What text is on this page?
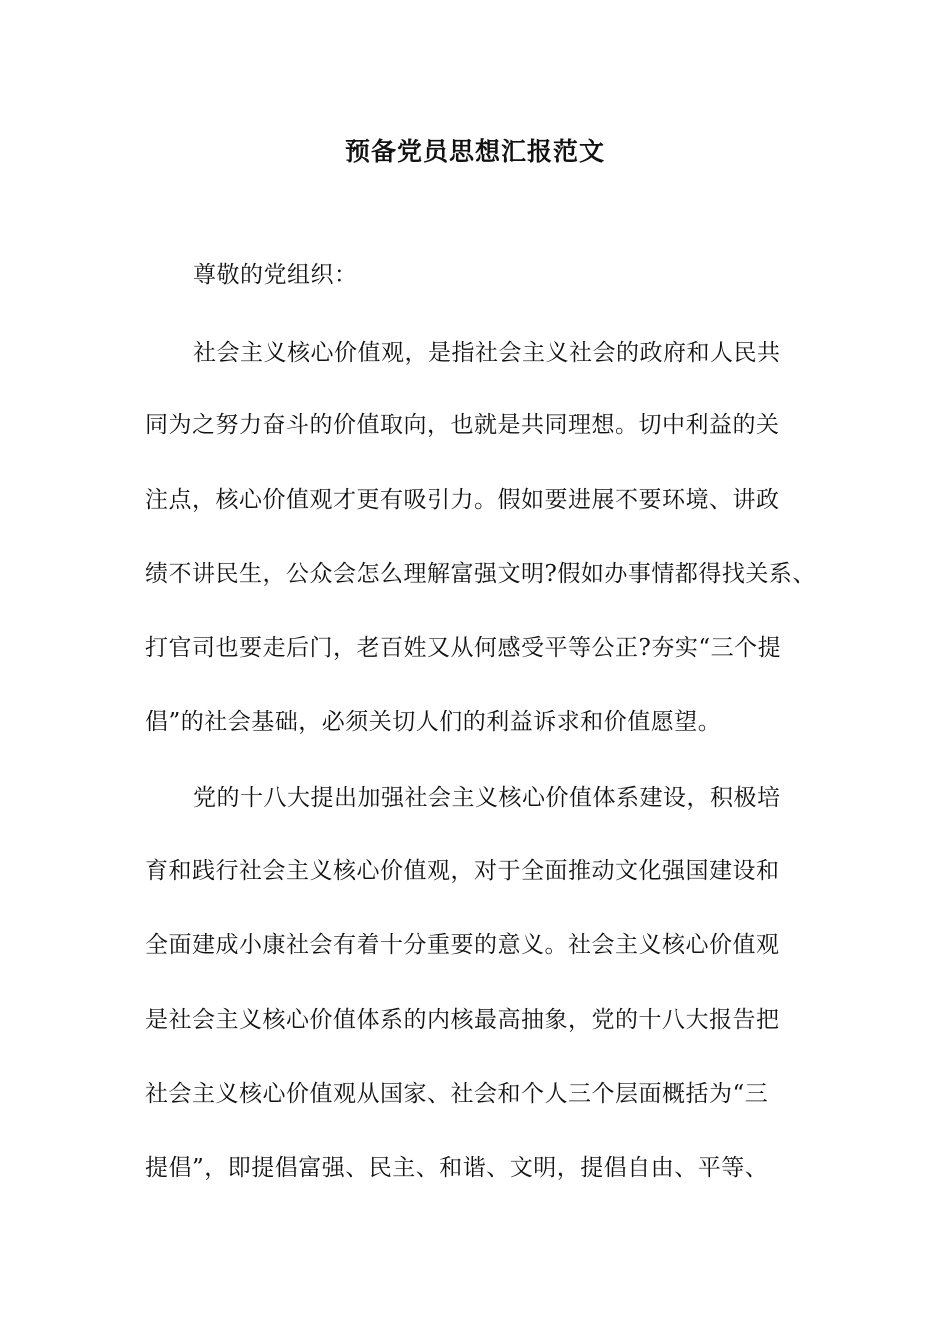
预备党员思想汇报范文
尊敬的党组织：
社会主义核心价值观，是指社会主义社会的政府和人民共
同为之努力奋斗的价值取向，也就是共同理想。切中利益的关
注点，核心价值观才更有吸引力。假如要进展不要环境、讲政
绩不讲民生，公众会怎么理解富强文明?假如办事情都得找关系、
打官司也要走后门，老百姓又从何感受平等公正?夯实“三个提
倡”的社会基础，必须关切人们的利益诉求和价值愿望。
党的十八大提出加强社会主义核心价值体系建设，积极培
育和践行社会主义核心价值观，对于全面推动文化强国建设和
全面建成小康社会有着十分重要的意义。社会主义核心价值观
是社会主义核心价值体系的内核最高抽象，党的十八大报告把
社会主义核心价值观从国家、社会和个人三个层面概括为“三
提倡”，即提倡富强、民主、和谐、文明，提倡自由、平等、
